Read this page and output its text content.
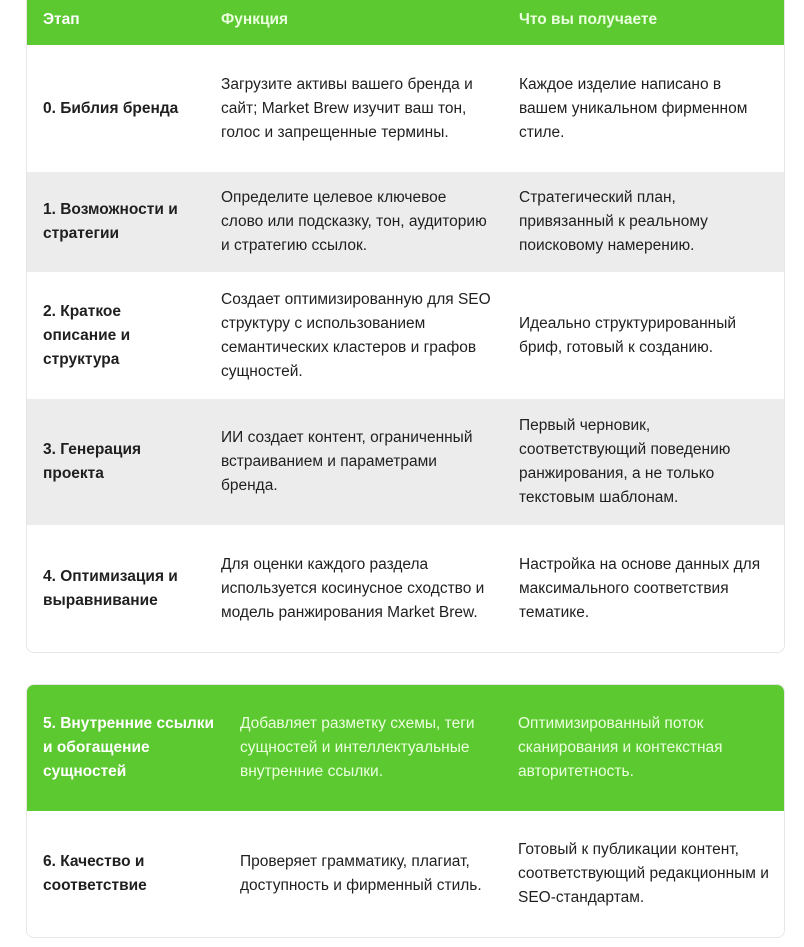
Этап	Функция	Что вы получаете
0. Библия бренда
Загрузите активы вашего бренда и сайт; Market Brew изучит ваш тон, голос и запрещенные термины.
Каждое изделие написано в вашем уникальном фирменном стиле.
1. Возможности и стратегии
Определите целевое ключевое слово или подсказку, тон, аудиторию и стратегию ссылок.
Стратегический план, привязанный к реальному поисковому намерению.
2. Краткое описание и структура
Создает оптимизированную для SEO структуру с использованием семантических кластеров и графов сущностей.
Идеально структурированный бриф, готовый к созданию.
3. Генерация проекта
ИИ создает контент, ограниченный встраиванием и параметрами бренда.
Первый черновик, соответствующий поведению ранжирования, а не только текстовым шаблонам.
4. Оптимизация и выравнивание
Для оценки каждого раздела используется косинусное сходство и модель ранжирования Market Brew.
Настройка на основе данных для максимального соответствия тематике.
5. Внутренние ссылки и обогащение сущностей
Добавляет разметку схемы, теги сущностей и интеллектуальные внутренние ссылки.
Оптимизированный поток сканирования и контекстная авторитетность.
6. Качество и соответствие
Проверяет грамматику, плагиат, доступность и фирменный стиль.
Готовый к публикации контент, соответствующий редакционным и SEO-стандартам.
